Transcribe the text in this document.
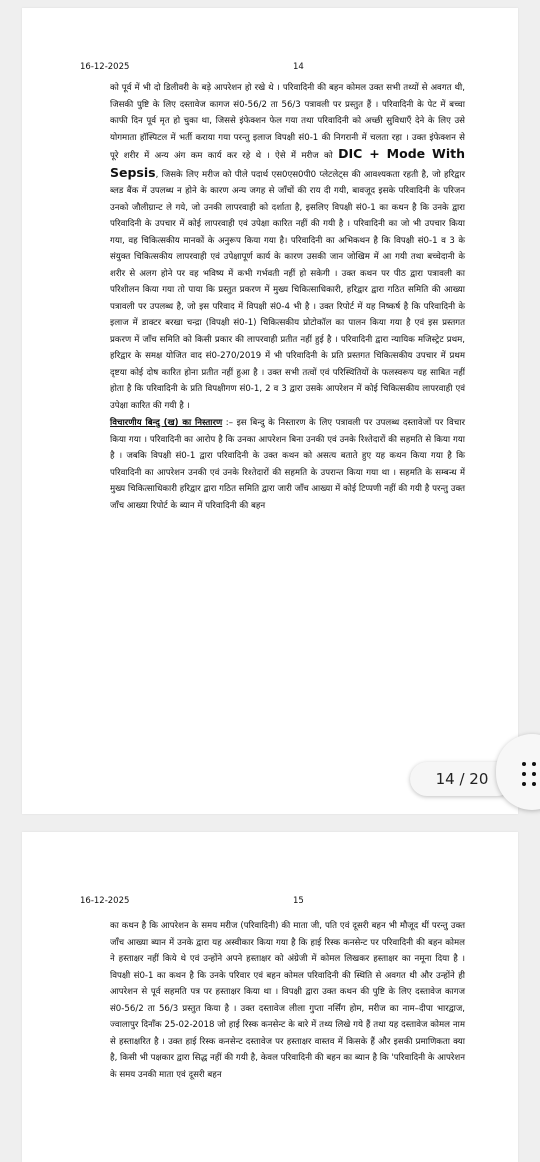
16-12-2025	14

को पूर्व में भी दो डिलीवरी के बड़े आपरेशन हो रखे थे । परिवादिनी की बहन कोमल उक्त सभी तथ्यों से अवगत थी, जिसकी पुष्टि के लिए दस्तावेज कागज सं0-56/2 ता 56/3 पत्रावली पर प्रस्तुत हैं । परिवादिनी के पेट में बच्चा काफी दिन पूर्व मृत हो चुका था, जिससे इंफेक्शन फेल गया तथा परिवादिनी को अच्छी सुविधाएँ देने के लिए उसे योगमाता हॉस्पिटल में भर्ती कराया गया परन्तु इलाज विपक्षी सं0-1 की निगरानी में चलता रहा । उक्त इंफेक्शन से पूरे शरीर में अन्य अंग कम कार्य कर रहे थे । ऐसे में मरीज को DIC + Mode With Sepsis, जिसके लिए मरीज को पीले पदार्थ एस0एस0पी0 प्लेटलेट्स की आवश्यकता रहती है, जो हरिद्वार ब्लड बैंक में उपलब्ध न होने के कारण अन्य जगह से जाँचों की राय दी गयी, बावजूद इसके परिवादिनी के परिजन उनको जौलीग्रान्ट ले गये, जो उनकी लापरवाही को दर्शाता है, इसलिए विपक्षी सं0-1 का कथन है कि उनके द्वारा परिवादिनी के उपचार में कोई लापरवाही एवं उपेक्षा कारित नहीं की गयी है । परिवादिनी का जो भी उपचार किया गया, वह चिकित्सकीय मानकों के अनुरूप किया गया है। परिवादिनी का अभिकथन है कि विपक्षी सं0-1 व 3 के संयुक्त चिकित्सकीय लापरवाही एवं उपेक्षापूर्ण कार्य के कारण उसकी जान जोखिम में आ गयी तथा बच्चेदानी के शरीर से अलग होने पर वह भविष्य में कभी गर्भवती नहीं हो सकेगी । उक्त कथन पर पीठ द्वारा पत्रावली का परिशीलन किया गया तो पाया कि प्रस्तुत प्रकरण में मुख्य चिकित्साधिकारी, हरिद्वार द्वारा गठित समिति की आख्या पत्रावली पर उपलब्ध है, जो इस परिवाद में विपक्षी सं0-4 भी है । उक्त रिपोर्ट में यह निष्कर्ष है कि परिवादिनी के इलाज में डाक्टर बरखा चन्द्रा (विपक्षी सं0-1) चिकित्सकीय प्रोटोकॉल का पालन किया गया है एवं इस प्रस्तगत प्रकरण में जाँच समिति को किसी प्रकार की लापरवाही प्रतीत नहीं हुई है । परिवादिनी द्वारा न्यायिक मजिस्ट्रेट प्रथम, हरिद्वार के समक्ष योजित वाद सं0-270/2019 में भी परिवादिनी के प्रति प्रस्तगत चिकित्सकीय उपचार में प्रथम दृष्टया कोई दोष कारित होना प्रतीत नहीं हुआ है । उक्त सभी तत्वों एवं परिस्थितियों के फलस्वरूप यह साबित नहीं होता है कि परिवादिनी के प्रति विपक्षीगण सं0-1, 2 व 3 द्वारा उसके आपरेशन में कोई चिकित्सकीय लापरवाही एवं उपेक्षा कारित की गयी है ।

विचारणीय बिन्दु (ख) का निस्तारण :– इस बिन्दु के निस्तारण के लिए पत्रावली पर उपलब्ध दस्तावेजों पर विचार किया गया । परिवादिनी का आरोप है कि उनका आपरेशन बिना उनकी एवं उनके रिश्तेदारों की सहमति से किया गया है । जबकि विपक्षी सं0-1 द्वारा परिवादिनी के उक्त कथन को असत्य बताते हुए यह कथन किया गया है कि परिवादिनी का आपरेशन उनकी एवं उनके रिश्तेदारों की सहमति के उपरान्त किया गया था । सहमति के सम्बन्ध में मुख्य चिकित्साधिकारी हरिद्वार द्वारा गठित समिति द्वारा जारी जाँच आख्या में कोई टिप्पणी नहीं की गयी है परन्तु उक्त जाँच आख्या रिपोर्ट के ब्यान में परिवादिनी की बहन

14 / 20
16-12-2025	15

का कथन है कि आपरेशन के समय मरीज (परिवादिनी) की माता जी, पति एवं दूसरी बहन भी मौजूद थीं परन्तु उक्त जाँच आख्या ब्यान में उनके द्वारा यह अस्वीकार किया गया है कि हाई रिस्क कनसेन्ट पर परिवादिनी की बहन कोमल ने हस्ताक्षर नहीं किये थे एवं उन्होंने अपने हस्ताक्षर को अंग्रेजी में कोमल लिखकर हस्ताक्षर का नमूना दिया है । विपक्षी सं0-1 का कथन है कि उनके परिवार एवं बहन कोमल परिवादिनी की स्थिति से अवगत थी और उन्होंने ही आपरेशन से पूर्व सहमति पत्र पर हस्ताक्षर किया था । विपक्षी द्वारा उक्त कथन की पुष्टि के लिए दस्तावेज कागज सं0-56/2 ता 56/3 प्रस्तुत किया है । उक्त दस्तावेज लीला गुप्ता नर्सिंग होम, मरीज का नाम–दीपा भारद्वाज, ज्वालापुर दिनाँक 25-02-2018 जो हाई रिस्क कनसेन्ट के बारे में तथ्य लिखे गये हैं तथा यह दस्तावेज कोमल नाम से हस्ताक्षरित है । उक्त हाई रिस्क कनसेन्ट दस्तावेज पर हस्ताक्षर वास्तव में किसके हैं और इसकी प्रमाणिकता क्या है, किसी भी पक्षकार द्वारा सिद्ध नहीं की गयी है, केवल परिवादिनी की बहन का ब्यान है कि 'परिवादिनी के आपरेशन के समय उनकी माता एवं दूसरी बहन
